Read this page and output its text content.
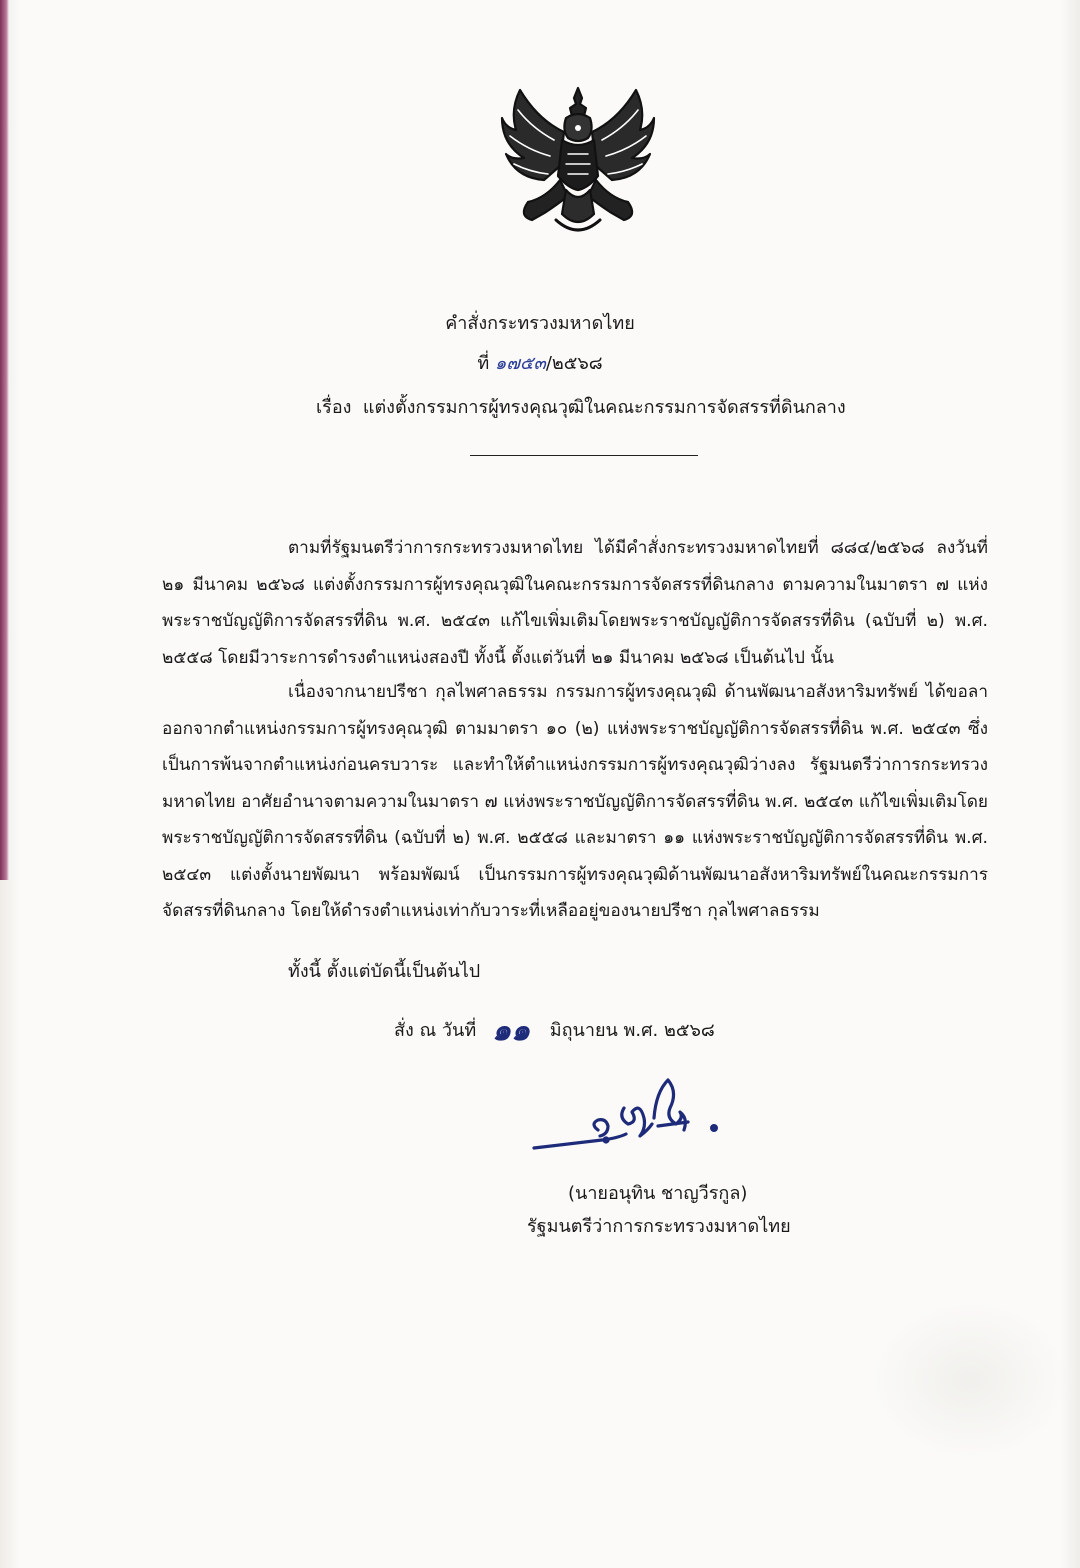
คำสั่งกระทรวงมหาดไทย
ที่ ๑๗๕๓/๒๕๖๘
เรื่อง แต่งตั้งกรรมการผู้ทรงคุณวุฒิในคณะกรรมการจัดสรรที่ดินกลาง
ตามที่รัฐมนตรีว่าการกระทรวงมหาดไทย ได้มีคำสั่งกระทรวงมหาดไทยที่ ๘๘๔/๒๕๖๘ ลงวันที่ ๒๑ มีนาคม ๒๕๖๘ แต่งตั้งกรรมการผู้ทรงคุณวุฒิในคณะกรรมการจัดสรรที่ดินกลาง ตามความในมาตรา ๗ แห่งพระราชบัญญัติการจัดสรรที่ดิน พ.ศ. ๒๕๔๓ แก้ไขเพิ่มเติมโดยพระราชบัญญัติการจัดสรรที่ดิน (ฉบับที่ ๒) พ.ศ. ๒๕๕๘ โดยมีวาระการดำรงตำแหน่งสองปี ทั้งนี้ ตั้งแต่วันที่ ๒๑ มีนาคม ๒๕๖๘ เป็นต้นไป นั้น
เนื่องจากนายปรีชา กุลไพศาลธรรม กรรมการผู้ทรงคุณวุฒิ ด้านพัฒนาอสังหาริมทรัพย์ ได้ขอลาออกจากตำแหน่งกรรมการผู้ทรงคุณวุฒิ ตามมาตรา ๑๐ (๒) แห่งพระราชบัญญัติการจัดสรรที่ดิน พ.ศ. ๒๕๔๓ ซึ่งเป็นการพ้นจากตำแหน่งก่อนครบวาระ และทำให้ตำแหน่งกรรมการผู้ทรงคุณวุฒิว่างลง รัฐมนตรีว่าการกระทรวงมหาดไทย อาศัยอำนาจตามความในมาตรา ๗ แห่งพระราชบัญญัติการจัดสรรที่ดิน พ.ศ. ๒๕๔๓ แก้ไขเพิ่มเติมโดยพระราชบัญญัติการจัดสรรที่ดิน (ฉบับที่ ๒) พ.ศ. ๒๕๕๘ และมาตรา ๑๑ แห่งพระราชบัญญัติการจัดสรรที่ดิน พ.ศ. ๒๕๔๓ แต่งตั้งนายพัฒนา พร้อมพัฒน์ เป็นกรรมการผู้ทรงคุณวุฒิด้านพัฒนาอสังหาริมทรัพย์ในคณะกรรมการจัดสรรที่ดินกลาง โดยให้ดำรงตำแหน่งเท่ากับวาระที่เหลืออยู่ของนายปรีชา กุลไพศาลธรรม
ทั้งนี้ ตั้งแต่บัดนี้เป็นต้นไป
สั่ง ณ วันที่ ๑๑ มิถุนายน พ.ศ. ๒๕๖๘
(นายอนุทิน ชาญวีรกูล)
รัฐมนตรีว่าการกระทรวงมหาดไทย
